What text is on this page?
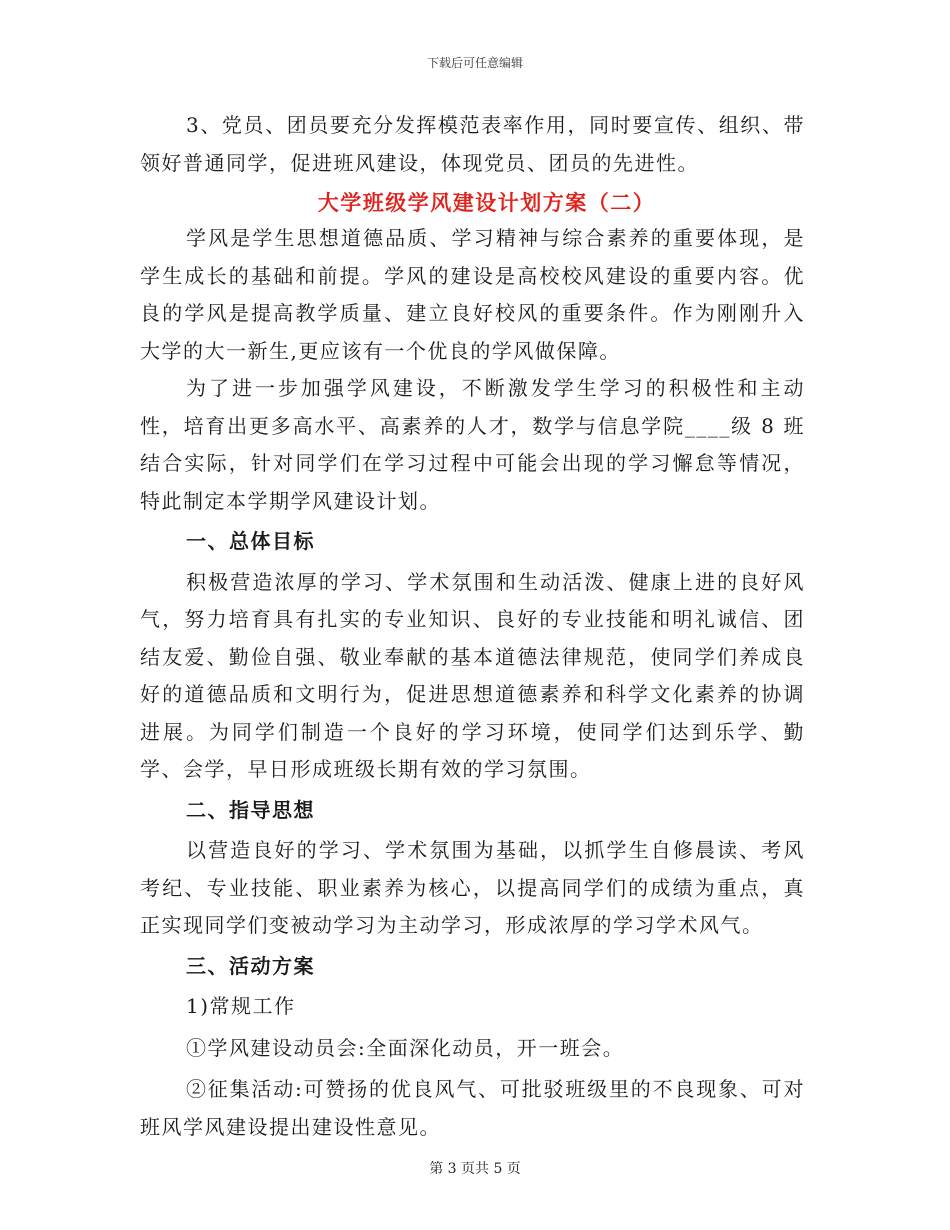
下载后可任意编辑

3、党员、团员要充分发挥模范表率作用，同时要宣传、组织、带领好普通同学，促进班风建设，体现党员、团员的先进性。

大学班级学风建设计划方案（二）

学风是学生思想道德品质、学习精神与综合素养的重要体现，是学生成长的基础和前提。学风的建设是高校校风建设的重要内容。优良的学风是提高教学质量、建立良好校风的重要条件。作为刚刚升入大学的大一新生,更应该有一个优良的学风做保障。

为了进一步加强学风建设，不断激发学生学习的积极性和主动性，培育出更多高水平、高素养的人才，数学与信息学院____级 8 班结合实际，针对同学们在学习过程中可能会出现的学习懈怠等情况，特此制定本学期学风建设计划。

一、总体目标

积极营造浓厚的学习、学术氛围和生动活泼、健康上进的良好风气，努力培育具有扎实的专业知识、良好的专业技能和明礼诚信、团结友爱、勤俭自强、敬业奉献的基本道德法律规范，使同学们养成良好的道德品质和文明行为，促进思想道德素养和科学文化素养的协调进展。为同学们制造一个良好的学习环境，使同学们达到乐学、勤学、会学，早日形成班级长期有效的学习氛围。

二、指导思想

以营造良好的学习、学术氛围为基础，以抓学生自修晨读、考风考纪、专业技能、职业素养为核心，以提高同学们的成绩为重点，真正实现同学们变被动学习为主动学习，形成浓厚的学习学术风气。

三、活动方案

1)常规工作

①学风建设动员会:全面深化动员，开一班会。

②征集活动:可赞扬的优良风气、可批驳班级里的不良现象、可对班风学风建设提出建设性意见。

第 3 页共 5 页
